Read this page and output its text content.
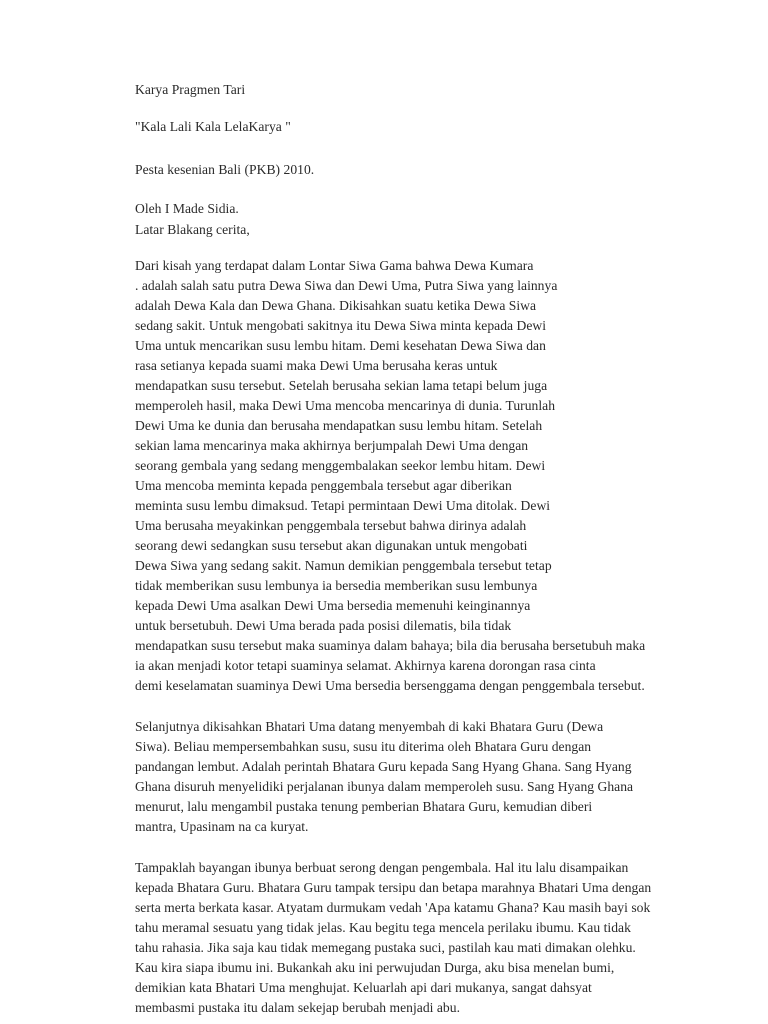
Karya Pragmen Tari

"Kala Lali Kala LelaKarya "

Pesta kesenian Bali (PKB) 2010.

Oleh I Made Sidia.

Latar Blakang cerita,

Dari kisah yang terdapat dalam Lontar Siwa Gama bahwa Dewa Kumara

. adalah salah satu putra Dewa Siwa dan Dewi Uma, Putra Siwa yang lainnya

adalah Dewa Kala dan Dewa Ghana. Dikisahkan suatu ketika Dewa Siwa

sedang sakit. Untuk mengobati sakitnya itu Dewa Siwa minta kepada Dewi

Uma untuk mencarikan susu lembu hitam. Demi kesehatan Dewa Siwa dan

rasa setianya kepada suami maka Dewi Uma berusaha keras untuk

mendapatkan susu tersebut. Setelah berusaha sekian lama tetapi belum juga

memperoleh hasil, maka Dewi Uma mencoba mencarinya di dunia. Turunlah

Dewi Uma ke dunia dan berusaha mendapatkan susu lembu hitam. Setelah

sekian lama mencarinya maka akhirnya berjumpalah Dewi Uma dengan

seorang gembala yang sedang menggembalakan seekor lembu hitam. Dewi

Uma mencoba meminta kepada penggembala tersebut agar diberikan

meminta susu lembu dimaksud. Tetapi permintaan Dewi Uma ditolak. Dewi

Uma berusaha meyakinkan penggembala tersebut bahwa dirinya adalah

seorang dewi sedangkan susu tersebut akan digunakan untuk mengobati

Dewa Siwa yang sedang sakit. Namun demikian penggembala tersebut tetap

tidak memberikan susu lembunya ia bersedia memberikan susu lembunya

kepada Dewi Uma asalkan Dewi Uma bersedia memenuhi keinginannya

untuk bersetubuh. Dewi Uma berada pada posisi dilematis, bila tidak

mendapatkan susu tersebut maka suaminya dalam bahaya; bila dia berusaha bersetubuh maka

ia akan menjadi kotor tetapi suaminya selamat. Akhirnya karena dorongan rasa cinta

demi keselamatan suaminya Dewi Uma bersedia bersenggama dengan penggembala tersebut.

Selanjutnya dikisahkan Bhatari Uma datang menyembah di kaki Bhatara Guru (Dewa

Siwa). Beliau mempersembahkan susu, susu itu diterima oleh Bhatara Guru dengan

pandangan lembut. Adalah perintah Bhatara Guru kepada Sang Hyang Ghana. Sang Hyang

Ghana disuruh menyelidiki perjalanan ibunya dalam memperoleh susu. Sang Hyang Ghana

menurut, lalu mengambil pustaka tenung pemberian Bhatara Guru, kemudian diberi

mantra, Upasinam na ca kuryat.

Tampaklah bayangan ibunya berbuat serong dengan pengembala. Hal itu lalu disampaikan

kepada Bhatara Guru. Bhatara Guru tampak tersipu dan betapa marahnya Bhatari Uma dengan

serta merta berkata kasar. Atyatam durmukam vedah 'Apa katamu Ghana? Kau masih bayi sok

tahu meramal sesuatu yang tidak jelas. Kau begitu tega mencela perilaku ibumu. Kau tidak

tahu rahasia. Jika saja kau tidak memegang pustaka suci, pastilah kau mati dimakan olehku.

Kau kira siapa ibumu ini. Bukankah aku ini perwujudan Durga, aku bisa menelan bumi,

demikian kata Bhatari Uma menghujat. Keluarlah api dari mukanya, sangat dahsyat

membasmi pustaka itu dalam sekejap berubah menjadi abu.
